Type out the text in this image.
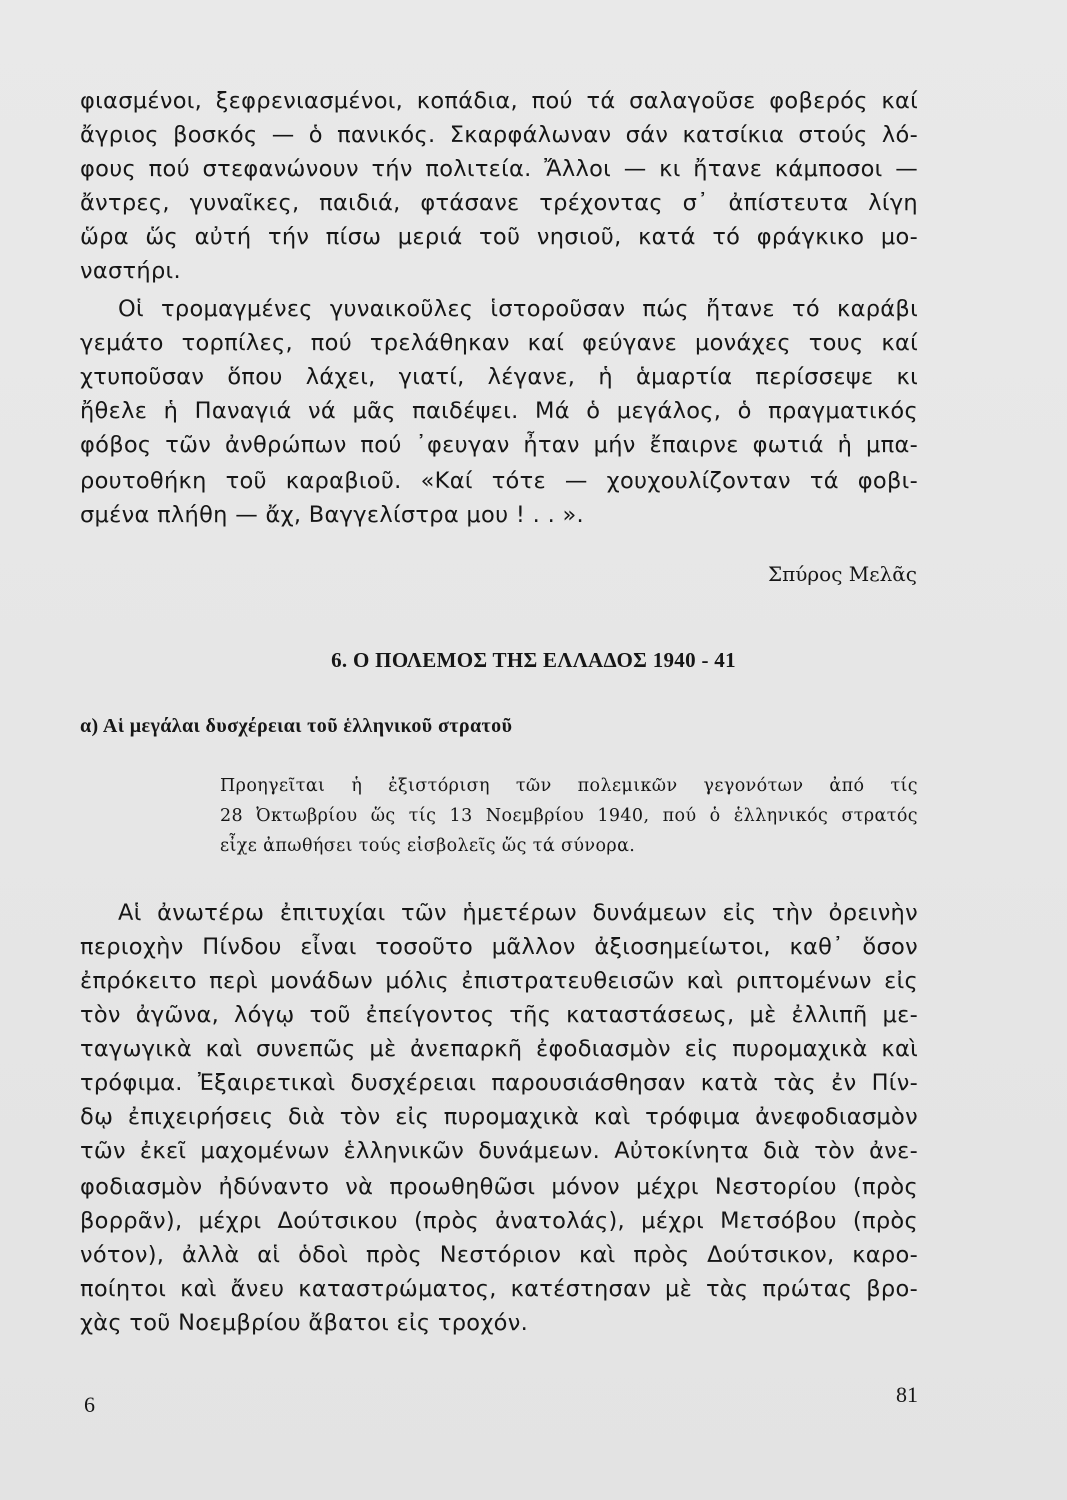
φιασμένοι, ξεφρενιασμένοι, κοπάδια, πού τά σαλαγοῦσε φοβερός καί
ἄγριος βοσκός — ὁ πανικός. Σκαρφάλωναν σάν κατσίκια στούς λό-
φους πού στεφανώνουν τήν πολιτεία. Ἄλλοι — κι ἤτανε κάμποσοι —
ἄντρες, γυναῖκες, παιδιά, φτάσανε τρέχοντας σ᾽ ἀπίστευτα λίγη
ὥρα ὥς αὐτή τήν πίσω μεριά τοῦ νησιοῦ, κατά τό φράγκικο μο-
ναστήρι.
Οἱ τρομαγμένες γυναικοῦλες ἱστοροῦσαν πώς ἤτανε τό καράβι
γεμάτο τορπίλες, πού τρελάθηκαν καί φεύγανε μονάχες τους καί
χτυποῦσαν ὅπου λάχει, γιατί, λέγανε, ἡ ἁμαρτία περίσσεψε κι
ἤθελε ἡ Παναγιά νά μᾶς παιδέψει. Μά ὁ μεγάλος, ὁ πραγματικός
φόβος τῶν ἀνθρώπων πού ᾽φευγαν ἦταν μήν ἔπαιρνε φωτιά ἡ μπα-
ρουτοθήκη τοῦ καραβιοῦ. «Καί τότε — χουχουλίζονταν τά φοβι-
σμένα πλήθη — ἄχ, Βαγγελίστρα μου ! . . ».
Σπύρος Μελᾶς
6. Ο ΠΟΛΕΜΟΣ ΤΗΣ ΕΛΛΑΔΟΣ 1940 - 41
α) Αἱ μεγάλαι δυσχέρειαι τοῦ ἑλληνικοῦ στρατοῦ
Προηγεῖται ἡ ἐξιστόριση τῶν πολεμικῶν γεγονότων ἀπό τίς
28 Ὀκτωβρίου ὥς τίς 13 Νοεμβρίου 1940, πού ὁ ἑλληνικός στρατός
εἶχε ἀπωθήσει τούς εἰσβολεῖς ὥς τά σύνορα.
Αἱ ἀνωτέρω ἐπιτυχίαι τῶν ἡμετέρων δυνάμεων εἰς τὴν ὀρεινὴν
περιοχὴν Πίνδου εἶναι τοσοῦτο μᾶλλον ἀξιοσημείωτοι, καθ᾽ ὅσον
ἐπρόκειτο περὶ μονάδων μόλις ἐπιστρατευθεισῶν καὶ ριπτομένων εἰς
τὸν ἀγῶνα, λόγῳ τοῦ ἐπείγοντος τῆς καταστάσεως, μὲ ἐλλιπῆ με-
ταγωγικὰ καὶ συνεπῶς μὲ ἀνεπαρκῆ ἐφοδιασμὸν εἰς πυρομαχικὰ καὶ
τρόφιμα. Ἐξαιρετικαὶ δυσχέρειαι παρουσιάσθησαν κατὰ τὰς ἐν Πίν-
δῳ ἐπιχειρήσεις διὰ τὸν εἰς πυρομαχικὰ καὶ τρόφιμα ἀνεφοδιασμὸν
τῶν ἐκεῖ μαχομένων ἑλληνικῶν δυνάμεων. Αὐτοκίνητα διὰ τὸν ἀνε-
φοδιασμὸν ἠδύναντο νὰ προωθηθῶσι μόνον μέχρι Νεστορίου (πρὸς
βορρᾶν), μέχρι Δούτσικου (πρὸς ἀνατολάς), μέχρι Μετσόβου (πρὸς
νότον), ἀλλὰ αἱ ὁδοὶ πρὸς Νεστόριον καὶ πρὸς Δούτσικον, καρο-
ποίητοι καὶ ἄνευ καταστρώματος, κατέστησαν μὲ τὰς πρώτας βρο-
χὰς τοῦ Νοεμβρίου ἄβατοι εἰς τροχόν.
6	81
